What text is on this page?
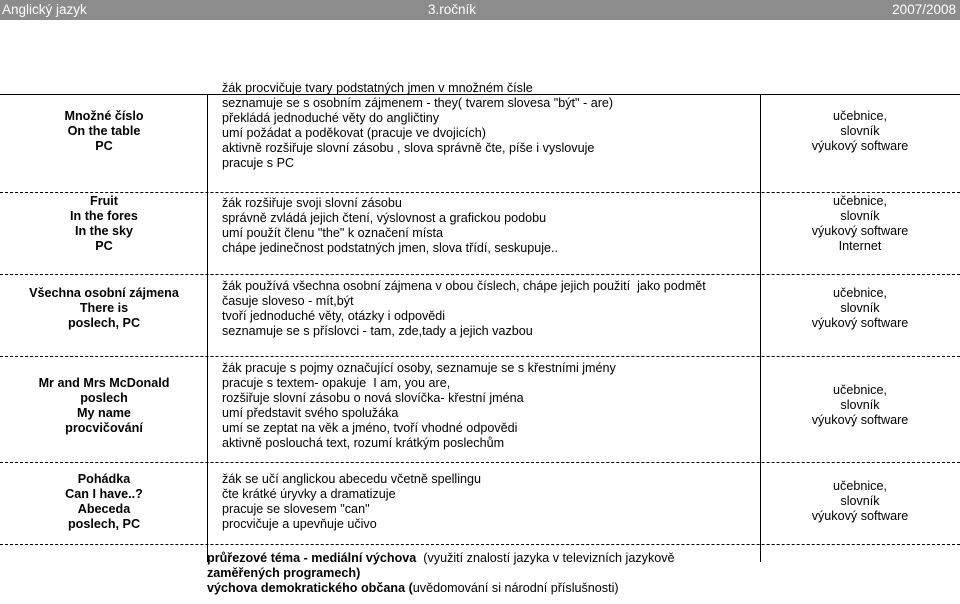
Anglický jazyk	3.ročník	2007/2008
Množné číslo
On the table
PC
žák procvičuje tvary podstatných jmen v množném čísle
seznamuje se s osobním zájmenem - they( tvarem slovesa "být" - are)
překládá jednoduché věty do angličtiny
umí požádat a poděkovat (pracuje ve dvojicích)
aktivně rozšiřuje slovní zásobu , slova správně čte, píše i vyslovuje
pracuje s PC
učebnice,
slovník
výukový software
Fruit
In the fores
In the sky
PC
žák rozšiřuje svoji slovní zásobu
správně zvládá jejich čtení, výslovnost a grafickou podobu
umí použít členu "the" k označení místa
chápe jedinečnost podstatných jmen, slova třídí, seskupuje..
učebnice,
slovník
výukový software
Internet
Všechna osobní zájmena
There is
poslech, PC
žák používá všechna osobní zájmena v obou číslech, chápe jejich použití  jako podmět
časuje sloveso - mít,být
tvoří jednoduché věty, otázky i odpovědi
seznamuje se s příslovci - tam, zde,tady a jejich vazbou
učebnice,
slovník
výukový software
Mr and Mrs McDonald
poslech
My name
procvičování
žák pracuje s pojmy označující osoby, seznamuje se s křestními jmény
pracuje s textem- opakuje  I am, you are,
rozšiřuje slovní zásobu o nová slovíčka- křestní jména
umí představit svého spolužáka
umí se zeptat na věk a jméno, tvoří vhodné odpovědi
aktivně poslouchá text, rozumí krátkým poslechům
učebnice,
slovník
výukový software
Pohádka
Can I have..?
Abeceda
poslech, PC
žák se učí anglickou abecedu včetně spellingu
čte krátké úryvky a dramatizuje
pracuje se slovesem "can"
procvičuje a upevňuje učivo
učebnice,
slovník
výukový software
průřezové téma - mediální výchova  (využití znalostí jazyka v televizních jazykově
zaměřených programech)
výchova demokratického občana (uvědomování si národní příslušnosti)
